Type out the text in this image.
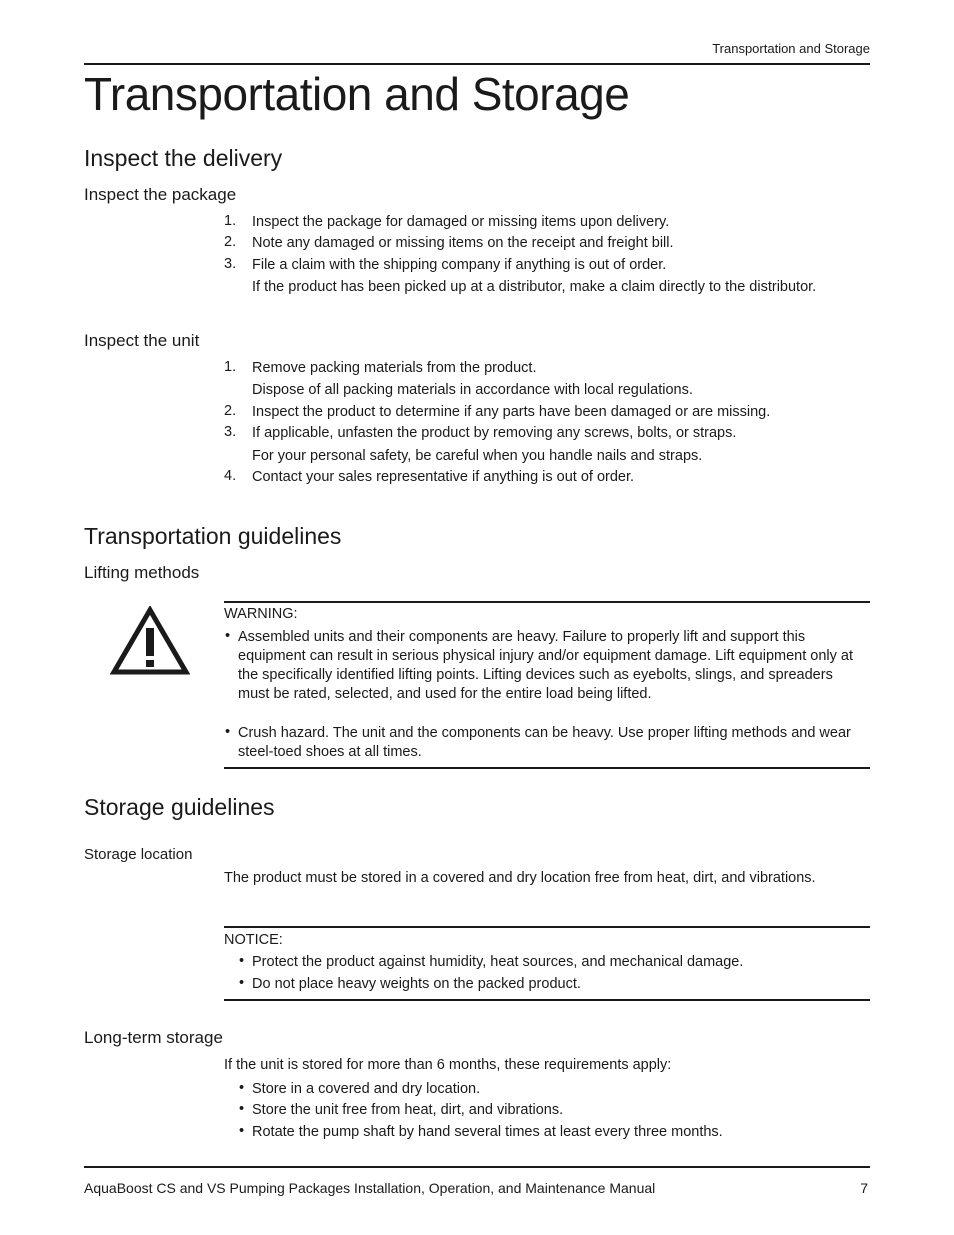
Transportation and Storage
Transportation and Storage
Inspect the delivery
Inspect the package
1. Inspect the package for damaged or missing items upon delivery.
2. Note any damaged or missing items on the receipt and freight bill.
3. File a claim with the shipping company if anything is out of order.
If the product has been picked up at a distributor, make a claim directly to the distributor.
Inspect the unit
1. Remove packing materials from the product.
Dispose of all packing materials in accordance with local regulations.
2. Inspect the product to determine if any parts have been damaged or are missing.
3. If applicable, unfasten the product by removing any screws, bolts, or straps.
For your personal safety, be careful when you handle nails and straps.
4. Contact your sales representative if anything is out of order.
Transportation guidelines
Lifting methods
WARNING:
• Assembled units and their components are heavy. Failure to properly lift and support this equipment can result in serious physical injury and/or equipment damage. Lift equipment only at the specifically identified lifting points. Lifting devices such as eyebolts, slings, and spreaders must be rated, selected, and used for the entire load being lifted.
• Crush hazard. The unit and the components can be heavy. Use proper lifting methods and wear steel-toed shoes at all times.
Storage guidelines
Storage location
The product must be stored in a covered and dry location free from heat, dirt, and vibrations.
NOTICE:
• Protect the product against humidity, heat sources, and mechanical damage.
• Do not place heavy weights on the packed product.
Long-term storage
If the unit is stored for more than 6 months, these requirements apply:
• Store in a covered and dry location.
• Store the unit free from heat, dirt, and vibrations.
• Rotate the pump shaft by hand several times at least every three months.
AquaBoost CS and VS Pumping Packages Installation, Operation, and Maintenance Manual	7
